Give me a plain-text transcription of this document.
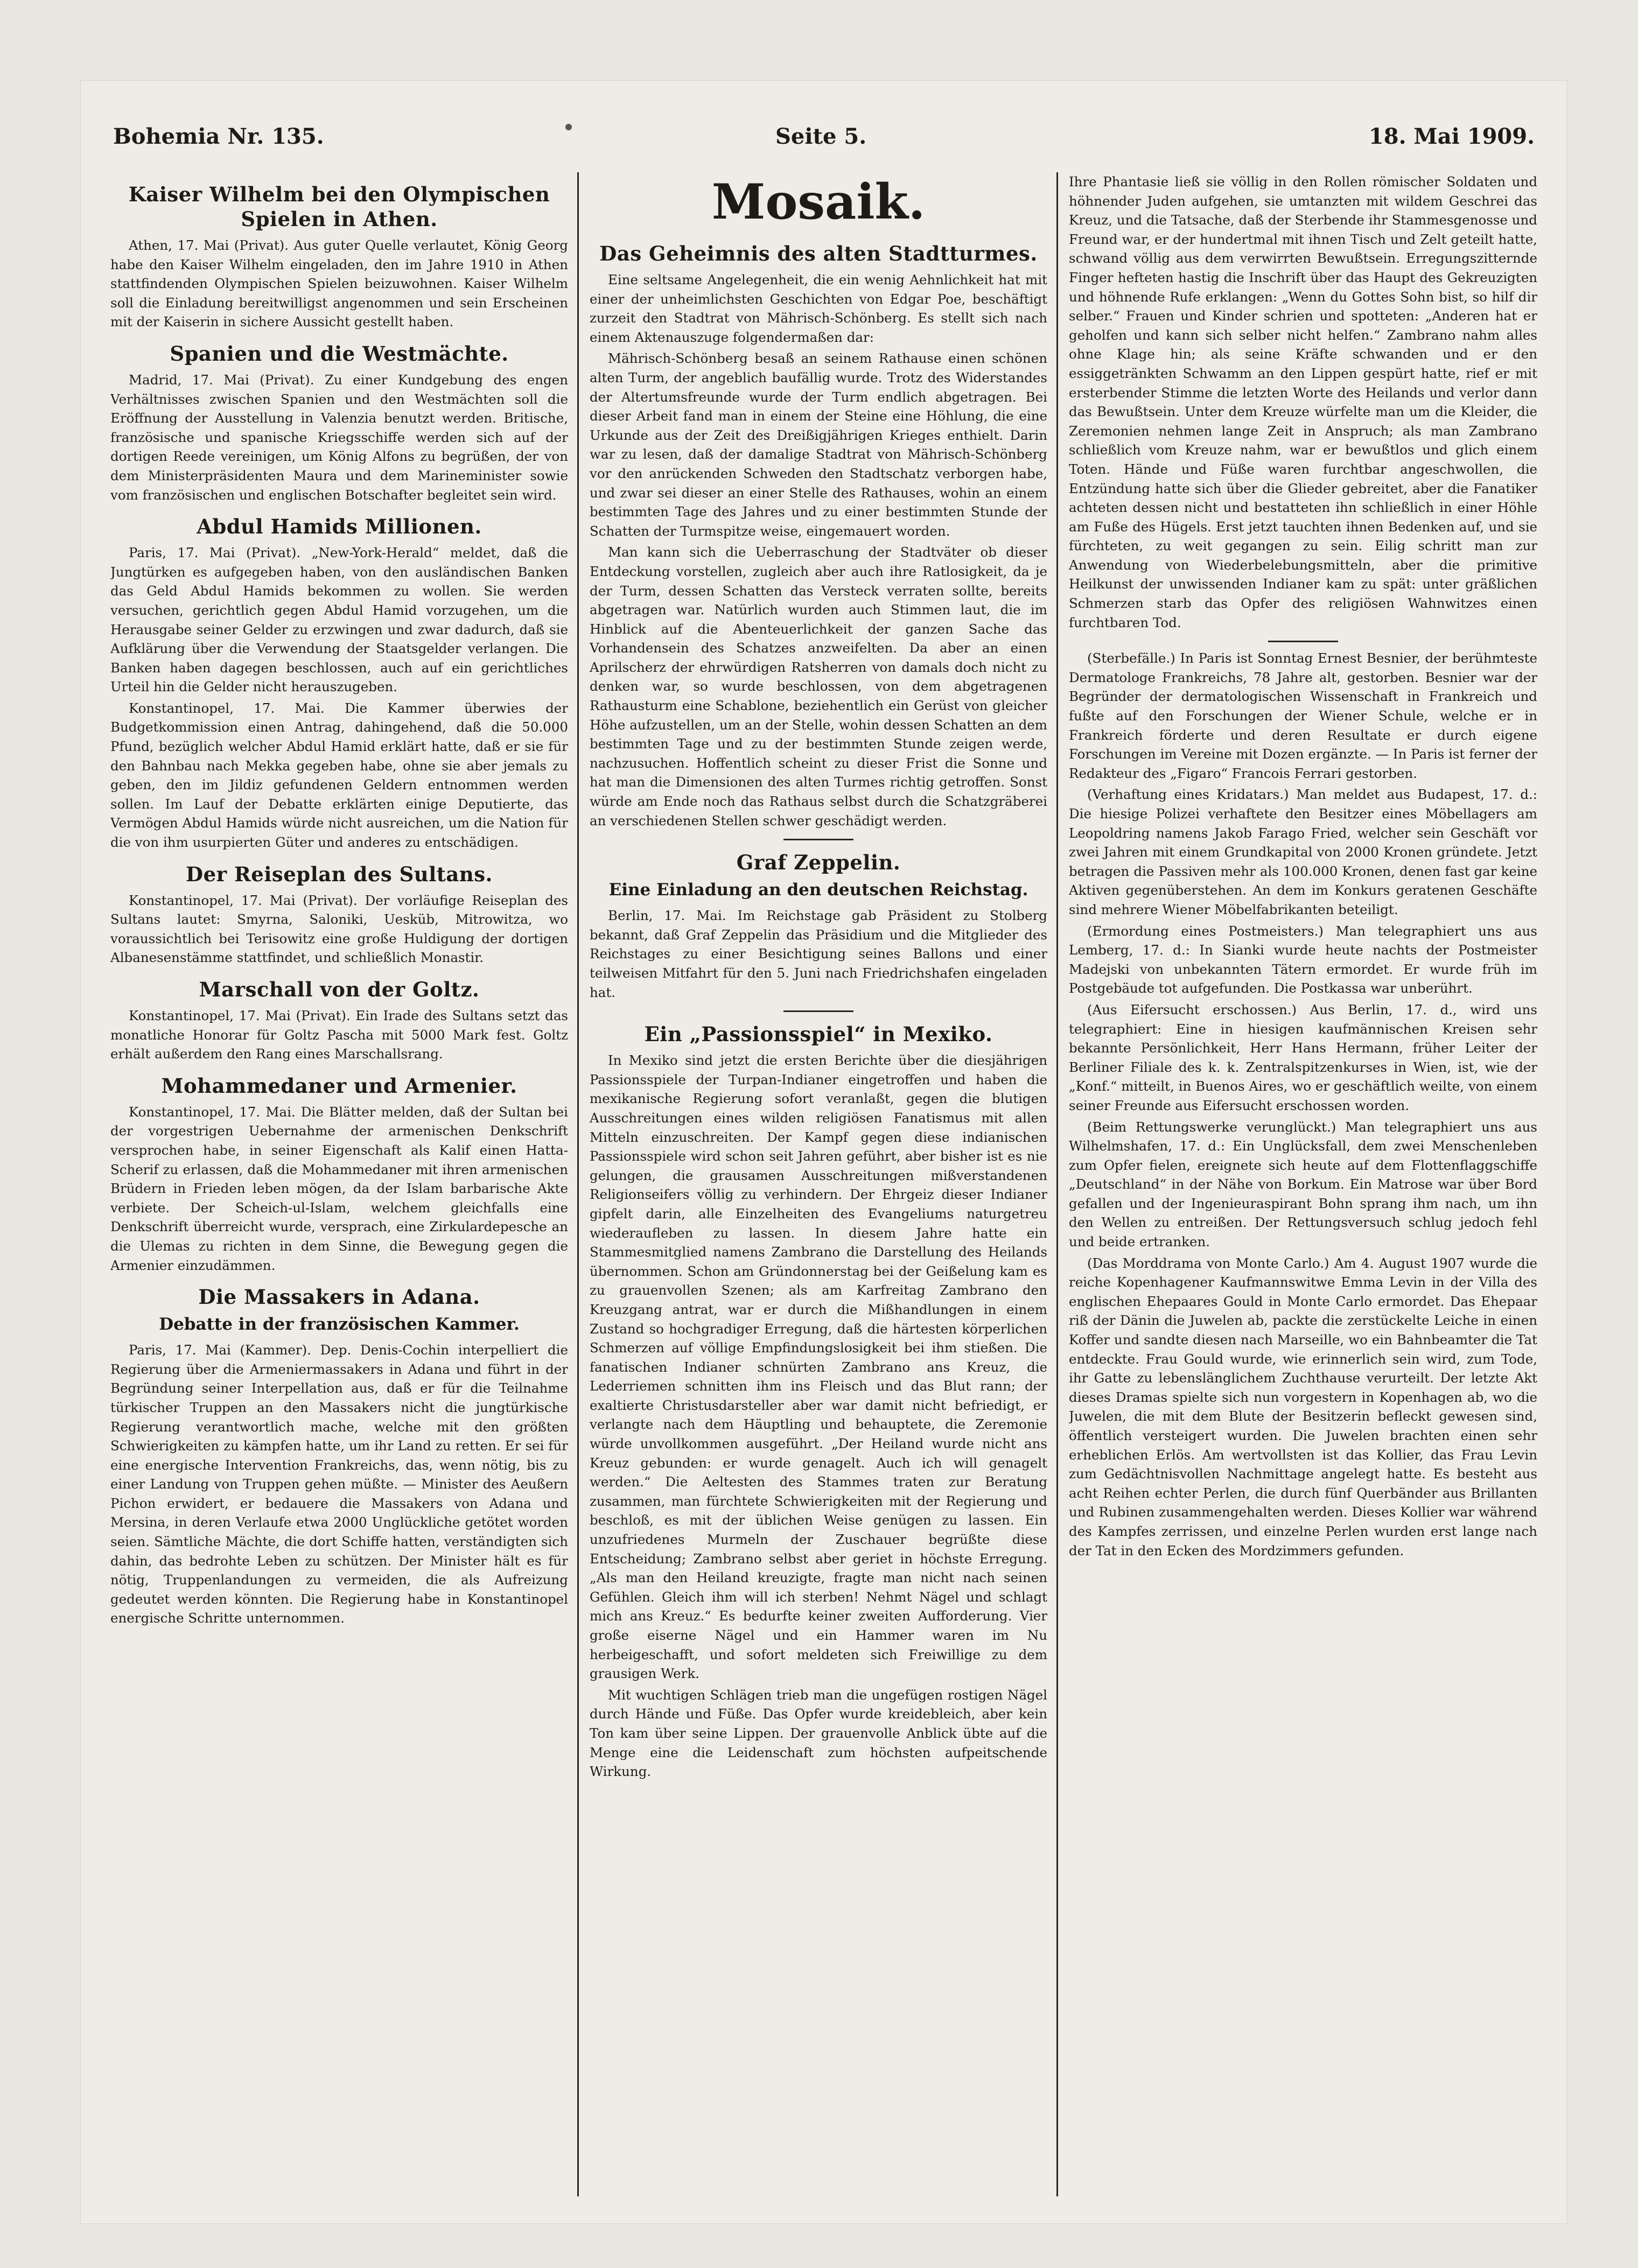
Bohemia Nr. 135.	Seite 5.	18. Mai 1909.
Kaiser Wilhelm bei den Olympischen Spielen in Athen.

Athen, 17. Mai (Privat). Aus guter Quelle verlautet, König Georg habe den Kaiser Wilhelm eingeladen, den im Jahre 1910 in Athen stattfindenden Olympischen Spielen beizuwohnen. Kaiser Wilhelm soll die Einladung bereitwilligst angenommen und sein Erscheinen mit der Kaiserin in sichere Aussicht gestellt haben.

Spanien und die Westmächte.

Madrid, 17. Mai (Privat). Zu einer Kundgebung des engen Verhältnisses zwischen Spanien und den Westmächten soll die Eröffnung der Ausstellung in Valenzia benutzt werden. Britische, französische und spanische Kriegsschiffe werden sich auf der dortigen Reede vereinigen, um König Alfons zu begrüßen, der von dem Ministerpräsidenten Maura und dem Marineminister sowie vom französischen und englischen Botschafter begleitet sein wird.

Abdul Hamids Millionen.

Paris, 17. Mai (Privat). „New-York-Herald“ meldet, daß die Jungtürken es aufgegeben haben, von den ausländischen Banken das Geld Abdul Hamids bekommen zu wollen. Sie werden versuchen, gerichtlich gegen Abdul Hamid vorzugehen, um die Herausgabe seiner Gelder zu erzwingen und zwar dadurch, daß sie Aufklärung über die Verwendung der Staatsgelder verlangen. Die Banken haben dagegen beschlossen, auch auf ein gerichtliches Urteil hin die Gelder nicht herauszugeben.

Konstantinopel, 17. Mai. Die Kammer überwies der Budgetkommission einen Antrag, dahingehend, daß die 50.000 Pfund, bezüglich welcher Abdul Hamid erklärt hatte, daß er sie für den Bahnbau nach Mekka gegeben habe, ohne sie aber jemals zu geben, den im Jildiz gefundenen Geldern entnommen werden sollen. Im Lauf der Debatte erklärten einige Deputierte, das Vermögen Abdul Hamids würde nicht ausreichen, um die Nation für die von ihm usurpierten Güter und anderes zu entschädigen.

Der Reiseplan des Sultans.

Konstantinopel, 17. Mai (Privat). Der vorläufige Reiseplan des Sultans lautet: Smyrna, Saloniki, Uesküb, Mitrowitza, wo voraussichtlich bei Terisowitz eine große Huldigung der dortigen Albanesenstämme stattfindet, und schließlich Monastir.

Marschall von der Goltz.

Konstantinopel, 17. Mai (Privat). Ein Irade des Sultans setzt das monatliche Honorar für Goltz Pascha mit 5000 Mark fest. Goltz erhält außerdem den Rang eines Marschallsrang.

Mohammedaner und Armenier.

Konstantinopel, 17. Mai. Die Blätter melden, daß der Sultan bei der vorgestrigen Uebernahme der armenischen Denkschrift versprochen habe, in seiner Eigenschaft als Kalif einen Hatta-Scherif zu erlassen, daß die Mohammedaner mit ihren armenischen Brüdern in Frieden leben mögen, da der Islam barbarische Akte verbiete. Der Scheich-ul-Islam, welchem gleichfalls eine Denkschrift überreicht wurde, versprach, eine Zirkulardepesche an die Ulemas zu richten in dem Sinne, die Bewegung gegen die Armenier einzudämmen.

Die Massakers in Adana.
Debatte in der französischen Kammer.

Paris, 17. Mai (Kammer). Dep. Denis-Cochin interpelliert die Regierung über die Armeniermassakers in Adana und führt in der Begründung seiner Interpellation aus, daß er für die Teilnahme türkischer Truppen an den Massakers nicht die jungtürkische Regierung verantwortlich mache, welche mit den größten Schwierigkeiten zu kämpfen hatte, um ihr Land zu retten. Er sei für eine energische Intervention Frankreichs, das, wenn nötig, bis zu einer Landung von Truppen gehen müßte. — Minister des Aeußern Pichon erwidert, er bedauere die Massakers von Adana und Mersina, in deren Verlaufe etwa 2000 Unglückliche getötet worden seien. Sämtliche Mächte, die dort Schiffe hatten, verständigten sich dahin, das bedrohte Leben zu schützen. Der Minister hält es für nötig, Truppenlandungen zu vermeiden, die als Aufreizung gedeutet werden könnten. Die Regierung habe in Konstantinopel energische Schritte unternommen.

Mosaik.
Das Geheimnis des alten Stadtturmes.

Eine seltsame Angelegenheit, die ein wenig Aehnlichkeit hat mit einer der unheimlichsten Geschichten von Edgar Poe, beschäftigt zurzeit den Stadtrat von Mährisch-Schönberg. Es stellt sich nach einem Aktenauszuge folgendermaßen dar:

Mährisch-Schönberg besaß an seinem Rathause einen schönen alten Turm, der angeblich baufällig wurde. Trotz des Widerstandes der Altertumsfreunde wurde der Turm endlich abgetragen. Bei dieser Arbeit fand man in einem der Steine eine Höhlung, die eine Urkunde aus der Zeit des Dreißigjährigen Krieges enthielt. Darin war zu lesen, daß der damalige Stadtrat von Mährisch-Schönberg vor den anrückenden Schweden den Stadtschatz verborgen habe, und zwar sei dieser an einer Stelle des Rathauses, wohin an einem bestimmten Tage des Jahres und zu einer bestimmten Stunde der Schatten der Turmspitze weise, eingemauert worden.

Man kann sich die Ueberraschung der Stadtväter ob dieser Entdeckung vorstellen, zugleich aber auch ihre Ratlosigkeit, da je der Turm, dessen Schatten das Versteck verraten sollte, bereits abgetragen war. Natürlich wurden auch Stimmen laut, die im Hinblick auf die Abenteuerlichkeit der ganzen Sache das Vorhandensein des Schatzes anzweifelten. Da aber an einen Aprilscherz der ehrwürdigen Ratsherren von damals doch nicht zu denken war, so wurde beschlossen, von dem abgetragenen Rathausturm eine Schablone, beziehentlich ein Gerüst von gleicher Höhe aufzustellen, um an der Stelle, wohin dessen Schatten an dem bestimmten Tage und zu der bestimmten Stunde zeigen werde, nachzusuchen. Hoffentlich scheint zu dieser Frist die Sonne und hat man die Dimensionen des alten Turmes richtig getroffen. Sonst würde am Ende noch das Rathaus selbst durch die Schatzgräberei an verschiedenen Stellen schwer geschädigt werden.

Graf Zeppelin.
Eine Einladung an den deutschen Reichstag.

Berlin, 17. Mai. Im Reichstage gab Präsident zu Stolberg bekannt, daß Graf Zeppelin das Präsidium und die Mitglieder des Reichstages zu einer Besichtigung seines Ballons und einer teilweisen Mitfahrt für den 5. Juni nach Friedrichshafen eingeladen hat.

Ein „Passionsspiel“ in Mexiko.

In Mexiko sind jetzt die ersten Berichte über die diesjährigen Passionsspiele der Turpan-Indianer eingetroffen und haben die mexikanische Regierung sofort veranlaßt, gegen die blutigen Ausschreitungen eines wilden religiösen Fanatismus mit allen Mitteln einzuschreiten. Der Kampf gegen diese indianischen Passionsspiele wird schon seit Jahren geführt, aber bisher ist es nie gelungen, die grausamen Ausschreitungen mißverstandenen Religionseifers völlig zu verhindern. Der Ehrgeiz dieser Indianer gipfelt darin, alle Einzelheiten des Evangeliums naturgetreu wiederaufleben zu lassen. In diesem Jahre hatte ein Stammesmitglied namens Zambrano die Darstellung des Heilands übernommen. Schon am Gründonnerstag bei der Geißelung kam es zu grauenvollen Szenen; als am Karfreitag Zambrano den Kreuzgang antrat, war er durch die Mißhandlungen in einem Zustand so hochgradiger Erregung, daß die härtesten körperlichen Schmerzen auf völlige Empfindungslosigkeit bei ihm stießen. Die fanatischen Indianer schnürten Zambrano ans Kreuz, die Lederriemen schnitten ihm ins Fleisch und das Blut rann; der exaltierte Christusdarsteller aber war damit nicht befriedigt, er verlangte nach dem Häuptling und behauptete, die Zeremonie würde unvollkommen ausgeführt. „Der Heiland wurde nicht ans Kreuz gebunden: er wurde genagelt. Auch ich will genagelt werden.“ Die Aeltesten des Stammes traten zur Beratung zusammen, man fürchtete Schwierigkeiten mit der Regierung und beschloß, es mit der üblichen Weise genügen zu lassen. Ein unzufriedenes Murmeln der Zuschauer begrüßte diese Entscheidung; Zambrano selbst aber geriet in höchste Erregung. „Als man den Heiland kreuzigte, fragte man nicht nach seinen Gefühlen. Gleich ihm will ich sterben! Nehmt Nägel und schlagt mich ans Kreuz.“ Es bedurfte keiner zweiten Aufforderung. Vier große eiserne Nägel und ein Hammer waren im Nu herbeigeschafft, und sofort meldeten sich Freiwillige zu dem grausigen Werk.

Mit wuchtigen Schlägen trieb man die ungefügen rostigen Nägel durch Hände und Füße. Das Opfer wurde kreidebleich, aber kein Ton kam über seine Lippen. Der grauenvolle Anblick übte auf die Menge eine die Leidenschaft zum höchsten aufpeitschende Wirkung.

Ihre Phantasie ließ sie völlig in den Rollen römischer Soldaten und höhnender Juden aufgehen, sie umtanzten mit wildem Geschrei das Kreuz, und die Tatsache, daß der Sterbende ihr Stammesgenosse und Freund war, er der hundertmal mit ihnen Tisch und Zelt geteilt hatte, schwand völlig aus dem verwirrten Bewußtsein. Erregungszitternde Finger hefteten hastig die Inschrift über das Haupt des Gekreuzigten und höhnende Rufe erklangen: „Wenn du Gottes Sohn bist, so hilf dir selber.“ Frauen und Kinder schrien und spotteten: „Anderen hat er geholfen und kann sich selber nicht helfen.“ Zambrano nahm alles ohne Klage hin; als seine Kräfte schwanden und er den essiggetränkten Schwamm an den Lippen gespürt hatte, rief er mit ersterbender Stimme die letzten Worte des Heilands und verlor dann das Bewußtsein. Unter dem Kreuze würfelte man um die Kleider, die Zeremonien nehmen lange Zeit in Anspruch; als man Zambrano schließlich vom Kreuze nahm, war er bewußtlos und glich einem Toten. Hände und Füße waren furchtbar angeschwollen, die Entzündung hatte sich über die Glieder gebreitet, aber die Fanatiker achteten dessen nicht und bestatteten ihn schließlich in einer Höhle am Fuße des Hügels. Erst jetzt tauchten ihnen Bedenken auf, und sie fürchteten, zu weit gegangen zu sein. Eilig schritt man zur Anwendung von Wiederbelebungsmitteln, aber die primitive Heilkunst der unwissenden Indianer kam zu spät: unter gräßlichen Schmerzen starb das Opfer des religiösen Wahnwitzes einen furchtbaren Tod.

(Sterbefälle.) In Paris ist Sonntag Ernest Besnier, der berühmteste Dermatologe Frankreichs, 78 Jahre alt, gestorben. Besnier war der Begründer der dermatologischen Wissenschaft in Frankreich und fußte auf den Forschungen der Wiener Schule, welche er in Frankreich förderte und deren Resultate er durch eigene Forschungen im Vereine mit Dozen ergänzte. — In Paris ist ferner der Redakteur des „Figaro“ Francois Ferrari gestorben.

(Verhaftung eines Kridatars.) Man meldet aus Budapest, 17. d.: Die hiesige Polizei verhaftete den Besitzer eines Möbellagers am Leopoldring namens Jakob Farago Fried, welcher sein Geschäft vor zwei Jahren mit einem Grundkapital von 2000 Kronen gründete. Jetzt betragen die Passiven mehr als 100.000 Kronen, denen fast gar keine Aktiven gegenüberstehen. An dem im Konkurs geratenen Geschäfte sind mehrere Wiener Möbelfabrikanten beteiligt.

(Ermordung eines Postmeisters.) Man telegraphiert uns aus Lemberg, 17. d.: In Sianki wurde heute nachts der Postmeister Madejski von unbekannten Tätern ermordet. Er wurde früh im Postgebäude tot aufgefunden. Die Postkassa war unberührt.

(Aus Eifersucht erschossen.) Aus Berlin, 17. d., wird uns telegraphiert: Eine in hiesigen kaufmännischen Kreisen sehr bekannte Persönlichkeit, Herr Hans Hermann, früher Leiter der Berliner Filiale des k. k. Zentralspitzenkurses in Wien, ist, wie der „Konf.“ mitteilt, in Buenos Aires, wo er geschäftlich weilte, von einem seiner Freunde aus Eifersucht erschossen worden.

(Beim Rettungswerke verunglückt.) Man telegraphiert uns aus Wilhelmshafen, 17. d.: Ein Unglücksfall, dem zwei Menschenleben zum Opfer fielen, ereignete sich heute auf dem Flottenflaggschiffe „Deutschland“ in der Nähe von Borkum. Ein Matrose war über Bord gefallen und der Ingenieuraspirant Bohn sprang ihm nach, um ihn den Wellen zu entreißen. Der Rettungsversuch schlug jedoch fehl und beide ertranken.

(Das Morddrama von Monte Carlo.) Am 4. August 1907 wurde die reiche Kopenhagener Kaufmannswitwe Emma Levin in der Villa des englischen Ehepaares Gould in Monte Carlo ermordet. Das Ehepaar riß der Dänin die Juwelen ab, packte die zerstückelte Leiche in einen Koffer und sandte diesen nach Marseille, wo ein Bahnbeamter die Tat entdeckte. Frau Gould wurde, wie erinnerlich sein wird, zum Tode, ihr Gatte zu lebenslänglichem Zuchthause verurteilt. Der letzte Akt dieses Dramas spielte sich nun vorgestern in Kopenhagen ab, wo die Juwelen, die mit dem Blute der Besitzerin befleckt gewesen sind, öffentlich versteigert wurden. Die Juwelen brachten einen sehr erheblichen Erlös. Am wertvollsten ist das Kollier, das Frau Levin zum Gedächtnisvollen Nachmittage angelegt hatte. Es besteht aus acht Reihen echter Perlen, die durch fünf Querbänder aus Brillanten und Rubinen zusammengehalten werden. Dieses Kollier war während des Kampfes zerrissen, und einzelne Perlen wurden erst lange nach der Tat in den Ecken des Mordzimmers gefunden.
